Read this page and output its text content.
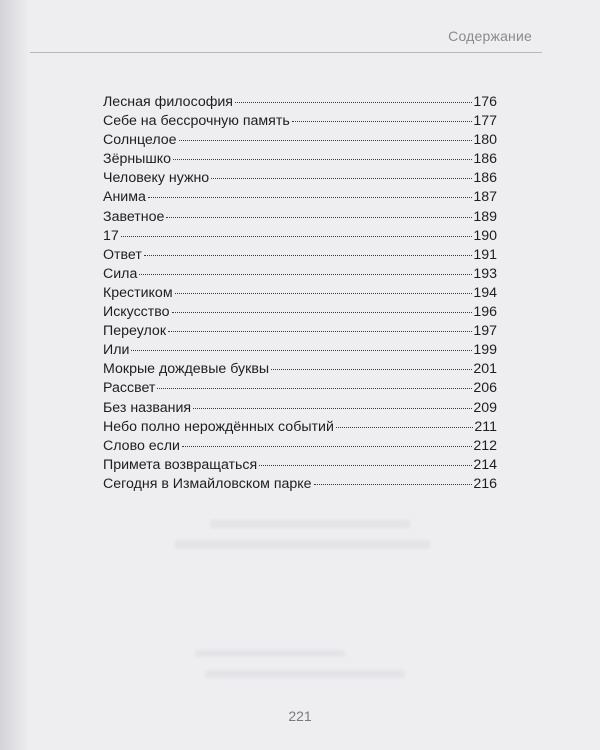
Содержание
Лесная философия	176
Себе на бессрочную память	177
Солнцелое	180
Зёрнышко	186
Человеку нужно	186
Анима	187
Заветное	189
17	190
Ответ	191
Сила	193
Крестиком	194
Искусство	196
Переулок	197
Или	199
Мокрые дождевые буквы	201
Рассвет	206
Без названия	209
Небо полно нерождённых событий	211
Слово если	212
Примета возвращаться	214
Сегодня в Измайловском парке	216
221
